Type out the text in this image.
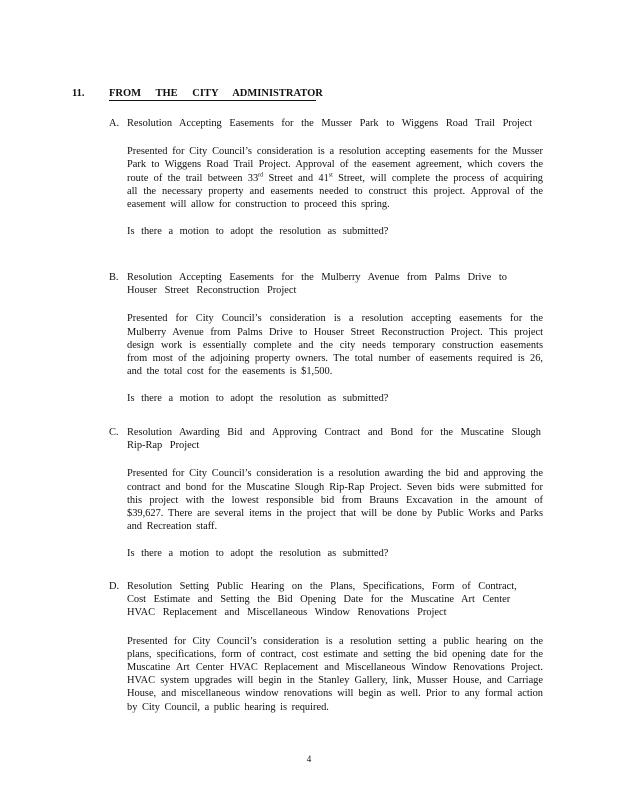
11. FROM THE CITY ADMINISTRATOR
A. Resolution Accepting Easements for the Musser Park to Wiggens Road Trail Project
Presented for City Council’s consideration is a resolution accepting easements for the Musser Park to Wiggens Road Trail Project. Approval of the easement agreement, which covers the route of the trail between 33rd Street and 41st Street, will complete the process of acquiring all the necessary property and easements needed to construct this project. Approval of the easement will allow for construction to proceed this spring.
Is there a motion to adopt the resolution as submitted?
B. Resolution Accepting Easements for the Mulberry Avenue from Palms Drive to Houser Street Reconstruction Project
Presented for City Council’s consideration is a resolution accepting easements for the Mulberry Avenue from Palms Drive to Houser Street Reconstruction Project. This project design work is essentially complete and the city needs temporary construction easements from most of the adjoining property owners. The total number of easements required is 26, and the total cost for the easements is $1,500.
Is there a motion to adopt the resolution as submitted?
C. Resolution Awarding Bid and Approving Contract and Bond for the Muscatine Slough Rip-Rap Project
Presented for City Council’s consideration is a resolution awarding the bid and approving the contract and bond for the Muscatine Slough Rip-Rap Project. Seven bids were submitted for this project with the lowest responsible bid from Brauns Excavation in the amount of $39,627. There are several items in the project that will be done by Public Works and Parks and Recreation staff.
Is there a motion to adopt the resolution as submitted?
D. Resolution Setting Public Hearing on the Plans, Specifications, Form of Contract, Cost Estimate and Setting the Bid Opening Date for the Muscatine Art Center HVAC Replacement and Miscellaneous Window Renovations Project
Presented for City Council’s consideration is a resolution setting a public hearing on the plans, specifications, form of contract, cost estimate and setting the bid opening date for the Muscatine Art Center HVAC Replacement and Miscellaneous Window Renovations Project. HVAC system upgrades will begin in the Stanley Gallery, link, Musser House, and Carriage House, and miscellaneous window renovations will begin as well. Prior to any formal action by City Council, a public hearing is required.
4
